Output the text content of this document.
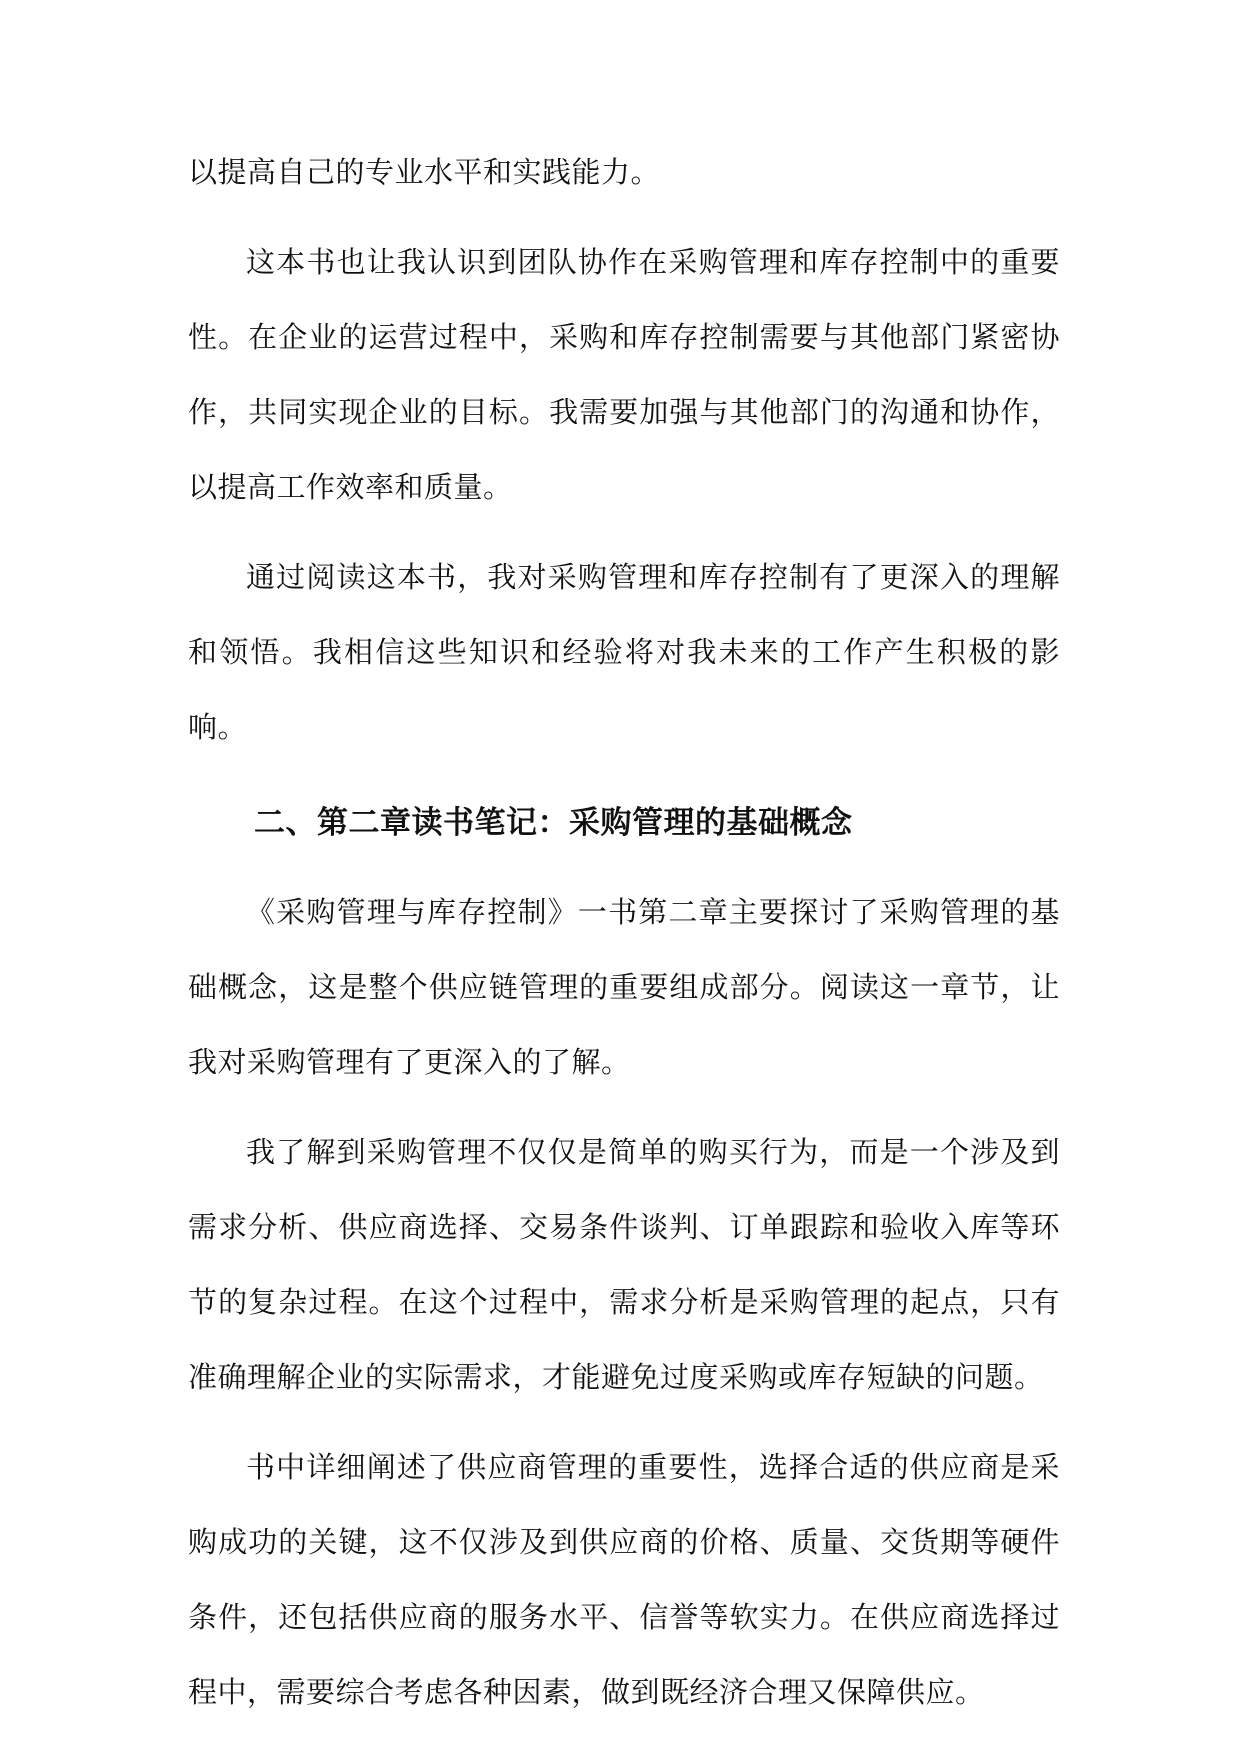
以提高自己的专业水平和实践能力。

这本书也让我认识到团队协作在采购管理和库存控制中的重要性。在企业的运营过程中，采购和库存控制需要与其他部门紧密协作，共同实现企业的目标。我需要加强与其他部门的沟通和协作，以提高工作效率和质量。

通过阅读这本书，我对采购管理和库存控制有了更深入的理解和领悟。我相信这些知识和经验将对我未来的工作产生积极的影响。

二、第二章读书笔记：采购管理的基础概念

《采购管理与库存控制》一书第二章主要探讨了采购管理的基础概念，这是整个供应链管理的重要组成部分。阅读这一章节，让我对采购管理有了更深入的了解。

我了解到采购管理不仅仅是简单的购买行为，而是一个涉及到需求分析、供应商选择、交易条件谈判、订单跟踪和验收入库等环节的复杂过程。在这个过程中，需求分析是采购管理的起点，只有准确理解企业的实际需求，才能避免过度采购或库存短缺的问题。

书中详细阐述了供应商管理的重要性，选择合适的供应商是采购成功的关键，这不仅涉及到供应商的价格、质量、交货期等硬件条件，还包括供应商的服务水平、信誉等软实力。在供应商选择过程中，需要综合考虑各种因素，做到既经济合理又保障供应。
